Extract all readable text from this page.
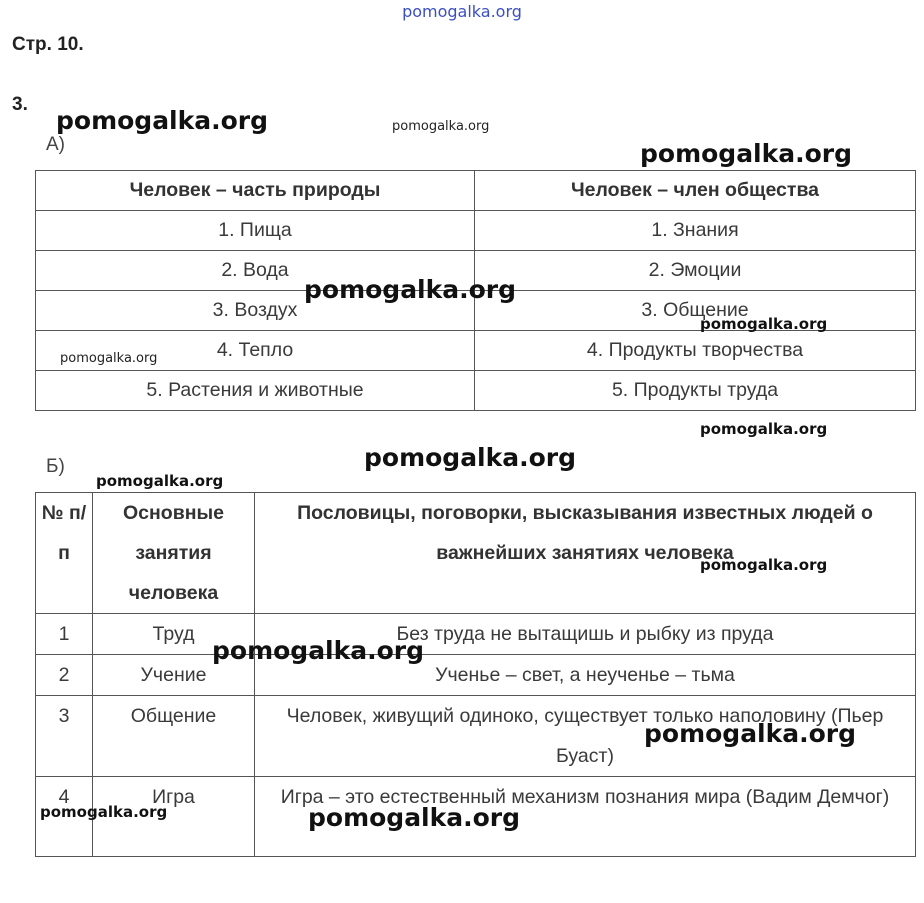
pomogalka.org
Стр. 10.
3.
А)
Человек – часть природы	Человек – член общества
1. Пища	1. Знания
2. Вода	2. Эмоции
3. Воздух	3. Общение
4. Тепло	4. Продукты творчества
5. Растения и животные	5. Продукты труда
Б)
№ п/п	Основные занятия человека	Пословицы, поговорки, высказывания известных людей о важнейших занятиях человека
1	Труд	Без труда не вытащишь и рыбку из пруда
2	Учение	Ученье – свет, а неученье – тьма
3	Общение	Человек, живущий одиноко, существует только наполовину (Пьер Буаст)
4	Игра	Игра – это естественный механизм познания мира (Вадим Демчог)
pomogalka.org	pomogalka.org
pomogalka.org
pomogalka.org
pomogalka.org
pomogalka.org
pomogalka.org
pomogalka.org
pomogalka.org
pomogalka.org
pomogalka.org
pomogalka.org
pomogalka.org	pomogalka.org
